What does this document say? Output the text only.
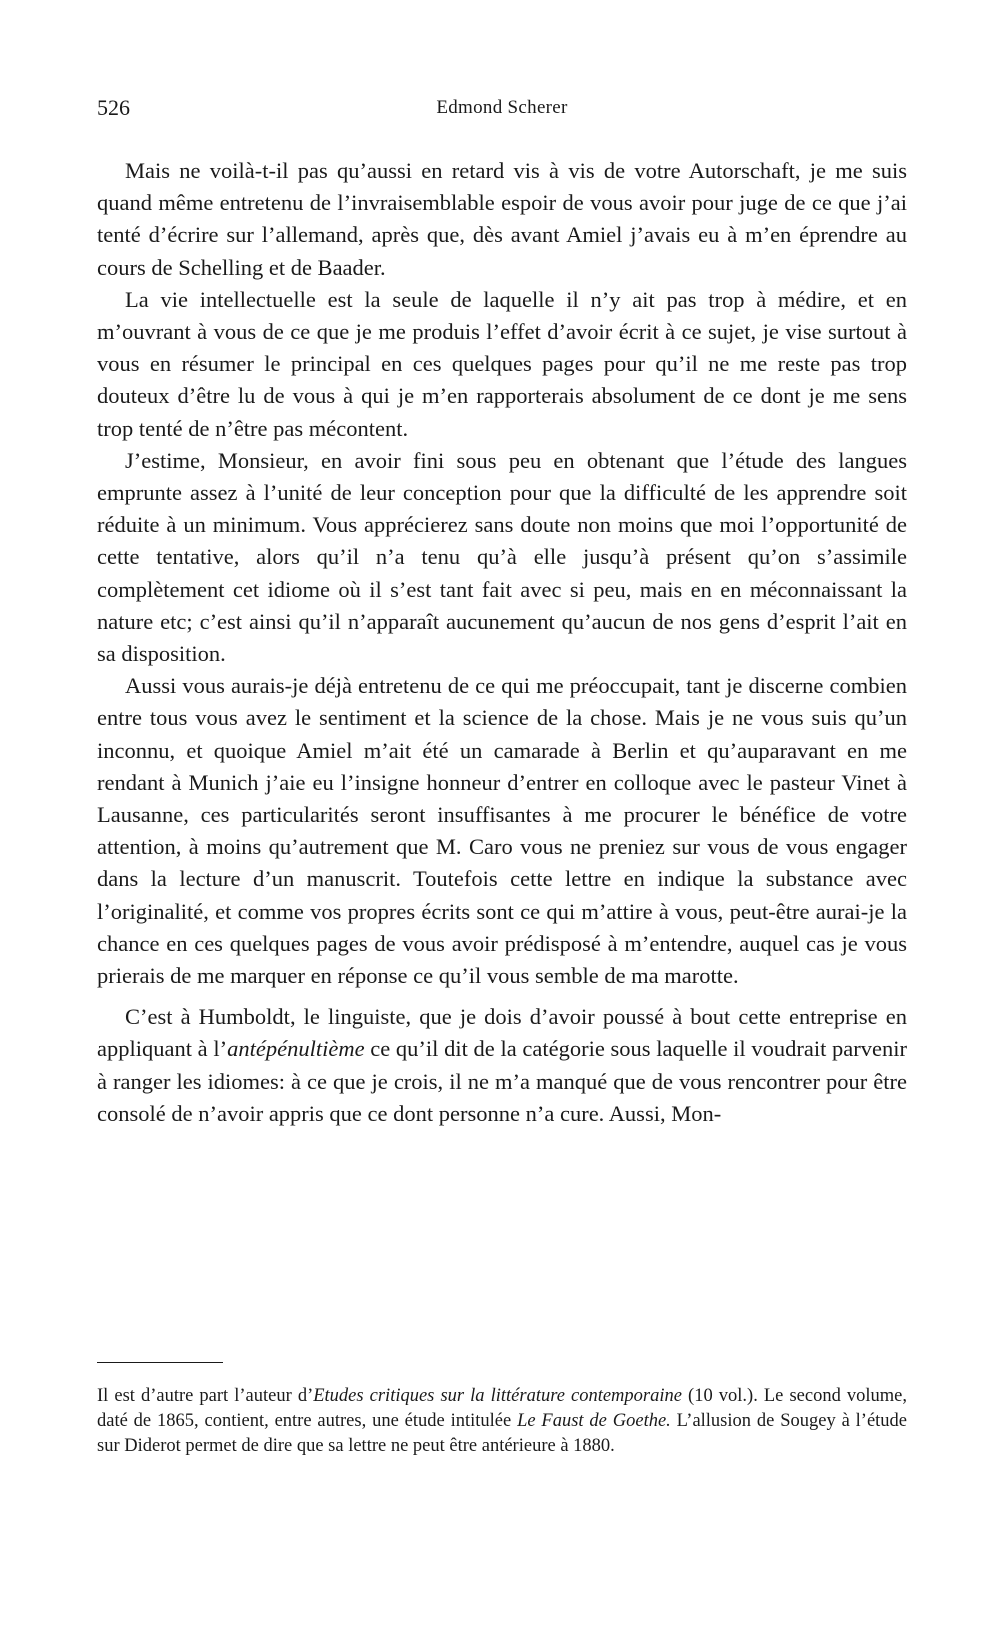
526	Edmond Scherer

Mais ne voilà-t-il pas qu’aussi en retard vis à vis de votre Autorschaft, je me suis quand même entretenu de l’invraisemblable espoir de vous avoir pour juge de ce que j’ai tenté d’écrire sur l’allemand, après que, dès avant Amiel j’avais eu à m’en éprendre au cours de Schelling et de Baader.

La vie intellectuelle est la seule de laquelle il n’y ait pas trop à médire, et en m’ouvrant à vous de ce que je me produis l’effet d’avoir écrit à ce sujet, je vise surtout à vous en résumer le principal en ces quelques pages pour qu’il ne me reste pas trop douteux d’être lu de vous à qui je m’en rapporterais absolument de ce dont je me sens trop tenté de n’être pas mécontent.

J’estime, Monsieur, en avoir fini sous peu en obtenant que l’étude des langues emprunte assez à l’unité de leur conception pour que la difficulté de les apprendre soit réduite à un minimum. Vous apprécierez sans doute non moins que moi l’opportunité de cette tentative, alors qu’il n’a tenu qu’à elle jusqu’à présent qu’on s’assimile complètement cet idiome où il s’est tant fait avec si peu, mais en en méconnaissant la nature etc; c’est ainsi qu’il n’apparaît aucunement qu’aucun de nos gens d’esprit l’ait en sa disposition.

Aussi vous aurais-je déjà entretenu de ce qui me préoccupait, tant je discerne combien entre tous vous avez le sentiment et la science de la chose. Mais je ne vous suis qu’un inconnu, et quoique Amiel m’ait été un camarade à Berlin et qu’auparavant en me rendant à Munich j’aie eu l’insigne honneur d’entrer en colloque avec le pasteur Vinet à Lausanne, ces particularités seront insuffisantes à me procurer le bénéfice de votre attention, à moins qu’autrement que M. Caro vous ne preniez sur vous de vous engager dans la lecture d’un manuscrit. Toutefois cette lettre en indique la substance avec l’originalité, et comme vos propres écrits sont ce qui m’attire à vous, peut-être aurai-je la chance en ces quelques pages de vous avoir prédisposé à m’entendre, auquel cas je vous prierais de me marquer en réponse ce qu’il vous semble de ma marotte.

C’est à Humboldt, le linguiste, que je dois d’avoir poussé à bout cette entreprise en appliquant à l’antépénultième ce qu’il dit de la catégorie sous laquelle il voudrait parvenir à ranger les idiomes: à ce que je crois, il ne m’a manqué que de vous rencontrer pour être consolé de n’avoir appris que ce dont personne n’a cure. Aussi, Mon-

Il est d’autre part l’auteur d’Etudes critiques sur la littérature contemporaine (10 vol.). Le second volume, daté de 1865, contient, entre autres, une étude intitulée Le Faust de Goethe. L’allusion de Sougey à l’étude sur Diderot permet de dire que sa lettre ne peut être antérieure à 1880.
